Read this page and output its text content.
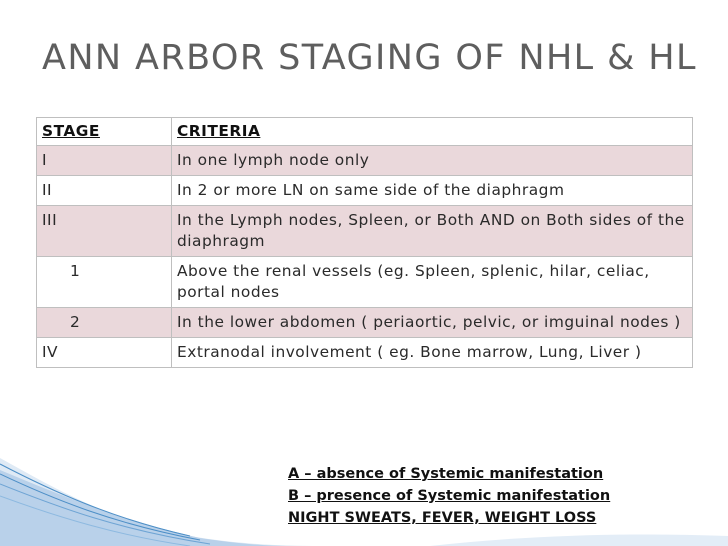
ANN ARBOR STAGING OF NHL & HL
STAGE	CRITERIA
I	In one lymph node only
II	In 2 or more LN on same side of the diaphragm
III	In the Lymph nodes, Spleen, or Both AND on Both sides of the diaphragm
1	Above the renal vessels (eg. Spleen, splenic, hilar, celiac, portal nodes
2	In the lower abdomen ( periaortic, pelvic, or imguinal nodes )
IV	Extranodal involvement ( eg. Bone marrow, Lung, Liver )
A – absence of Systemic manifestation
B – presence of Systemic manifestation
NIGHT SWEATS, FEVER, WEIGHT LOSS
